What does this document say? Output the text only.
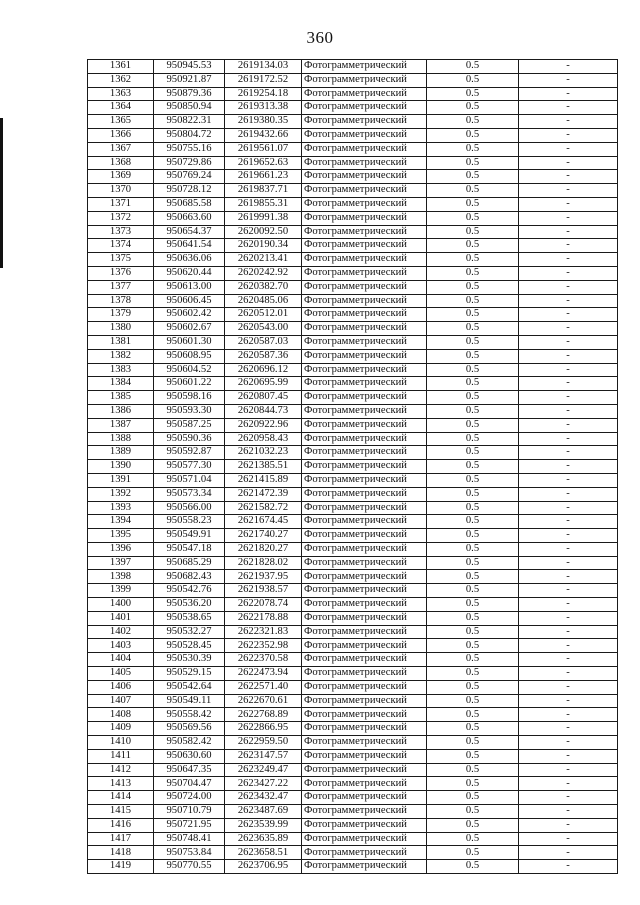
360
1361	950945.53	2619134.03	Фотограмметрический	0.5	-
1362	950921.87	2619172.52	Фотограмметрический	0.5	-
1363	950879.36	2619254.18	Фотограмметрический	0.5	-
1364	950850.94	2619313.38	Фотограмметрический	0.5	-
1365	950822.31	2619380.35	Фотограмметрический	0.5	-
1366	950804.72	2619432.66	Фотограмметрический	0.5	-
1367	950755.16	2619561.07	Фотограмметрический	0.5	-
1368	950729.86	2619652.63	Фотограмметрический	0.5	-
1369	950769.24	2619661.23	Фотограмметрический	0.5	-
1370	950728.12	2619837.71	Фотограмметрический	0.5	-
1371	950685.58	2619855.31	Фотограмметрический	0.5	-
1372	950663.60	2619991.38	Фотограмметрический	0.5	-
1373	950654.37	2620092.50	Фотограмметрический	0.5	-
1374	950641.54	2620190.34	Фотограмметрический	0.5	-
1375	950636.06	2620213.41	Фотограмметрический	0.5	-
1376	950620.44	2620242.92	Фотограмметрический	0.5	-
1377	950613.00	2620382.70	Фотограмметрический	0.5	-
1378	950606.45	2620485.06	Фотограмметрический	0.5	-
1379	950602.42	2620512.01	Фотограмметрический	0.5	-
1380	950602.67	2620543.00	Фотограмметрический	0.5	-
1381	950601.30	2620587.03	Фотограмметрический	0.5	-
1382	950608.95	2620587.36	Фотограмметрический	0.5	-
1383	950604.52	2620696.12	Фотограмметрический	0.5	-
1384	950601.22	2620695.99	Фотограмметрический	0.5	-
1385	950598.16	2620807.45	Фотограмметрический	0.5	-
1386	950593.30	2620844.73	Фотограмметрический	0.5	-
1387	950587.25	2620922.96	Фотограмметрический	0.5	-
1388	950590.36	2620958.43	Фотограмметрический	0.5	-
1389	950592.87	2621032.23	Фотограмметрический	0.5	-
1390	950577.30	2621385.51	Фотограмметрический	0.5	-
1391	950571.04	2621415.89	Фотограмметрический	0.5	-
1392	950573.34	2621472.39	Фотограмметрический	0.5	-
1393	950566.00	2621582.72	Фотограмметрический	0.5	-
1394	950558.23	2621674.45	Фотограмметрический	0.5	-
1395	950549.91	2621740.27	Фотограмметрический	0.5	-
1396	950547.18	2621820.27	Фотограмметрический	0.5	-
1397	950685.29	2621828.02	Фотограмметрический	0.5	-
1398	950682.43	2621937.95	Фотограмметрический	0.5	-
1399	950542.76	2621938.57	Фотограмметрический	0.5	-
1400	950536.20	2622078.74	Фотограмметрический	0.5	-
1401	950538.65	2622178.88	Фотограмметрический	0.5	-
1402	950532.27	2622321.83	Фотограмметрический	0.5	-
1403	950528.45	2622352.98	Фотограмметрический	0.5	-
1404	950530.39	2622370.58	Фотограмметрический	0.5	-
1405	950529.15	2622473.94	Фотограмметрический	0.5	-
1406	950542.64	2622571.40	Фотограмметрический	0.5	-
1407	950549.11	2622670.61	Фотограмметрический	0.5	-
1408	950558.42	2622768.89	Фотограмметрический	0.5	-
1409	950569.56	2622866.95	Фотограмметрический	0.5	-
1410	950582.42	2622959.50	Фотограмметрический	0.5	-
1411	950630.60	2623147.57	Фотограмметрический	0.5	-
1412	950647.35	2623249.47	Фотограмметрический	0.5	-
1413	950704.47	2623427.22	Фотограмметрический	0.5	-
1414	950724.00	2623432.47	Фотограмметрический	0.5	-
1415	950710.79	2623487.69	Фотограмметрический	0.5	-
1416	950721.95	2623539.99	Фотограмметрический	0.5	-
1417	950748.41	2623635.89	Фотограмметрический	0.5	-
1418	950753.84	2623658.51	Фотограмметрический	0.5	-
1419	950770.55	2623706.95	Фотограмметрический	0.5	-
